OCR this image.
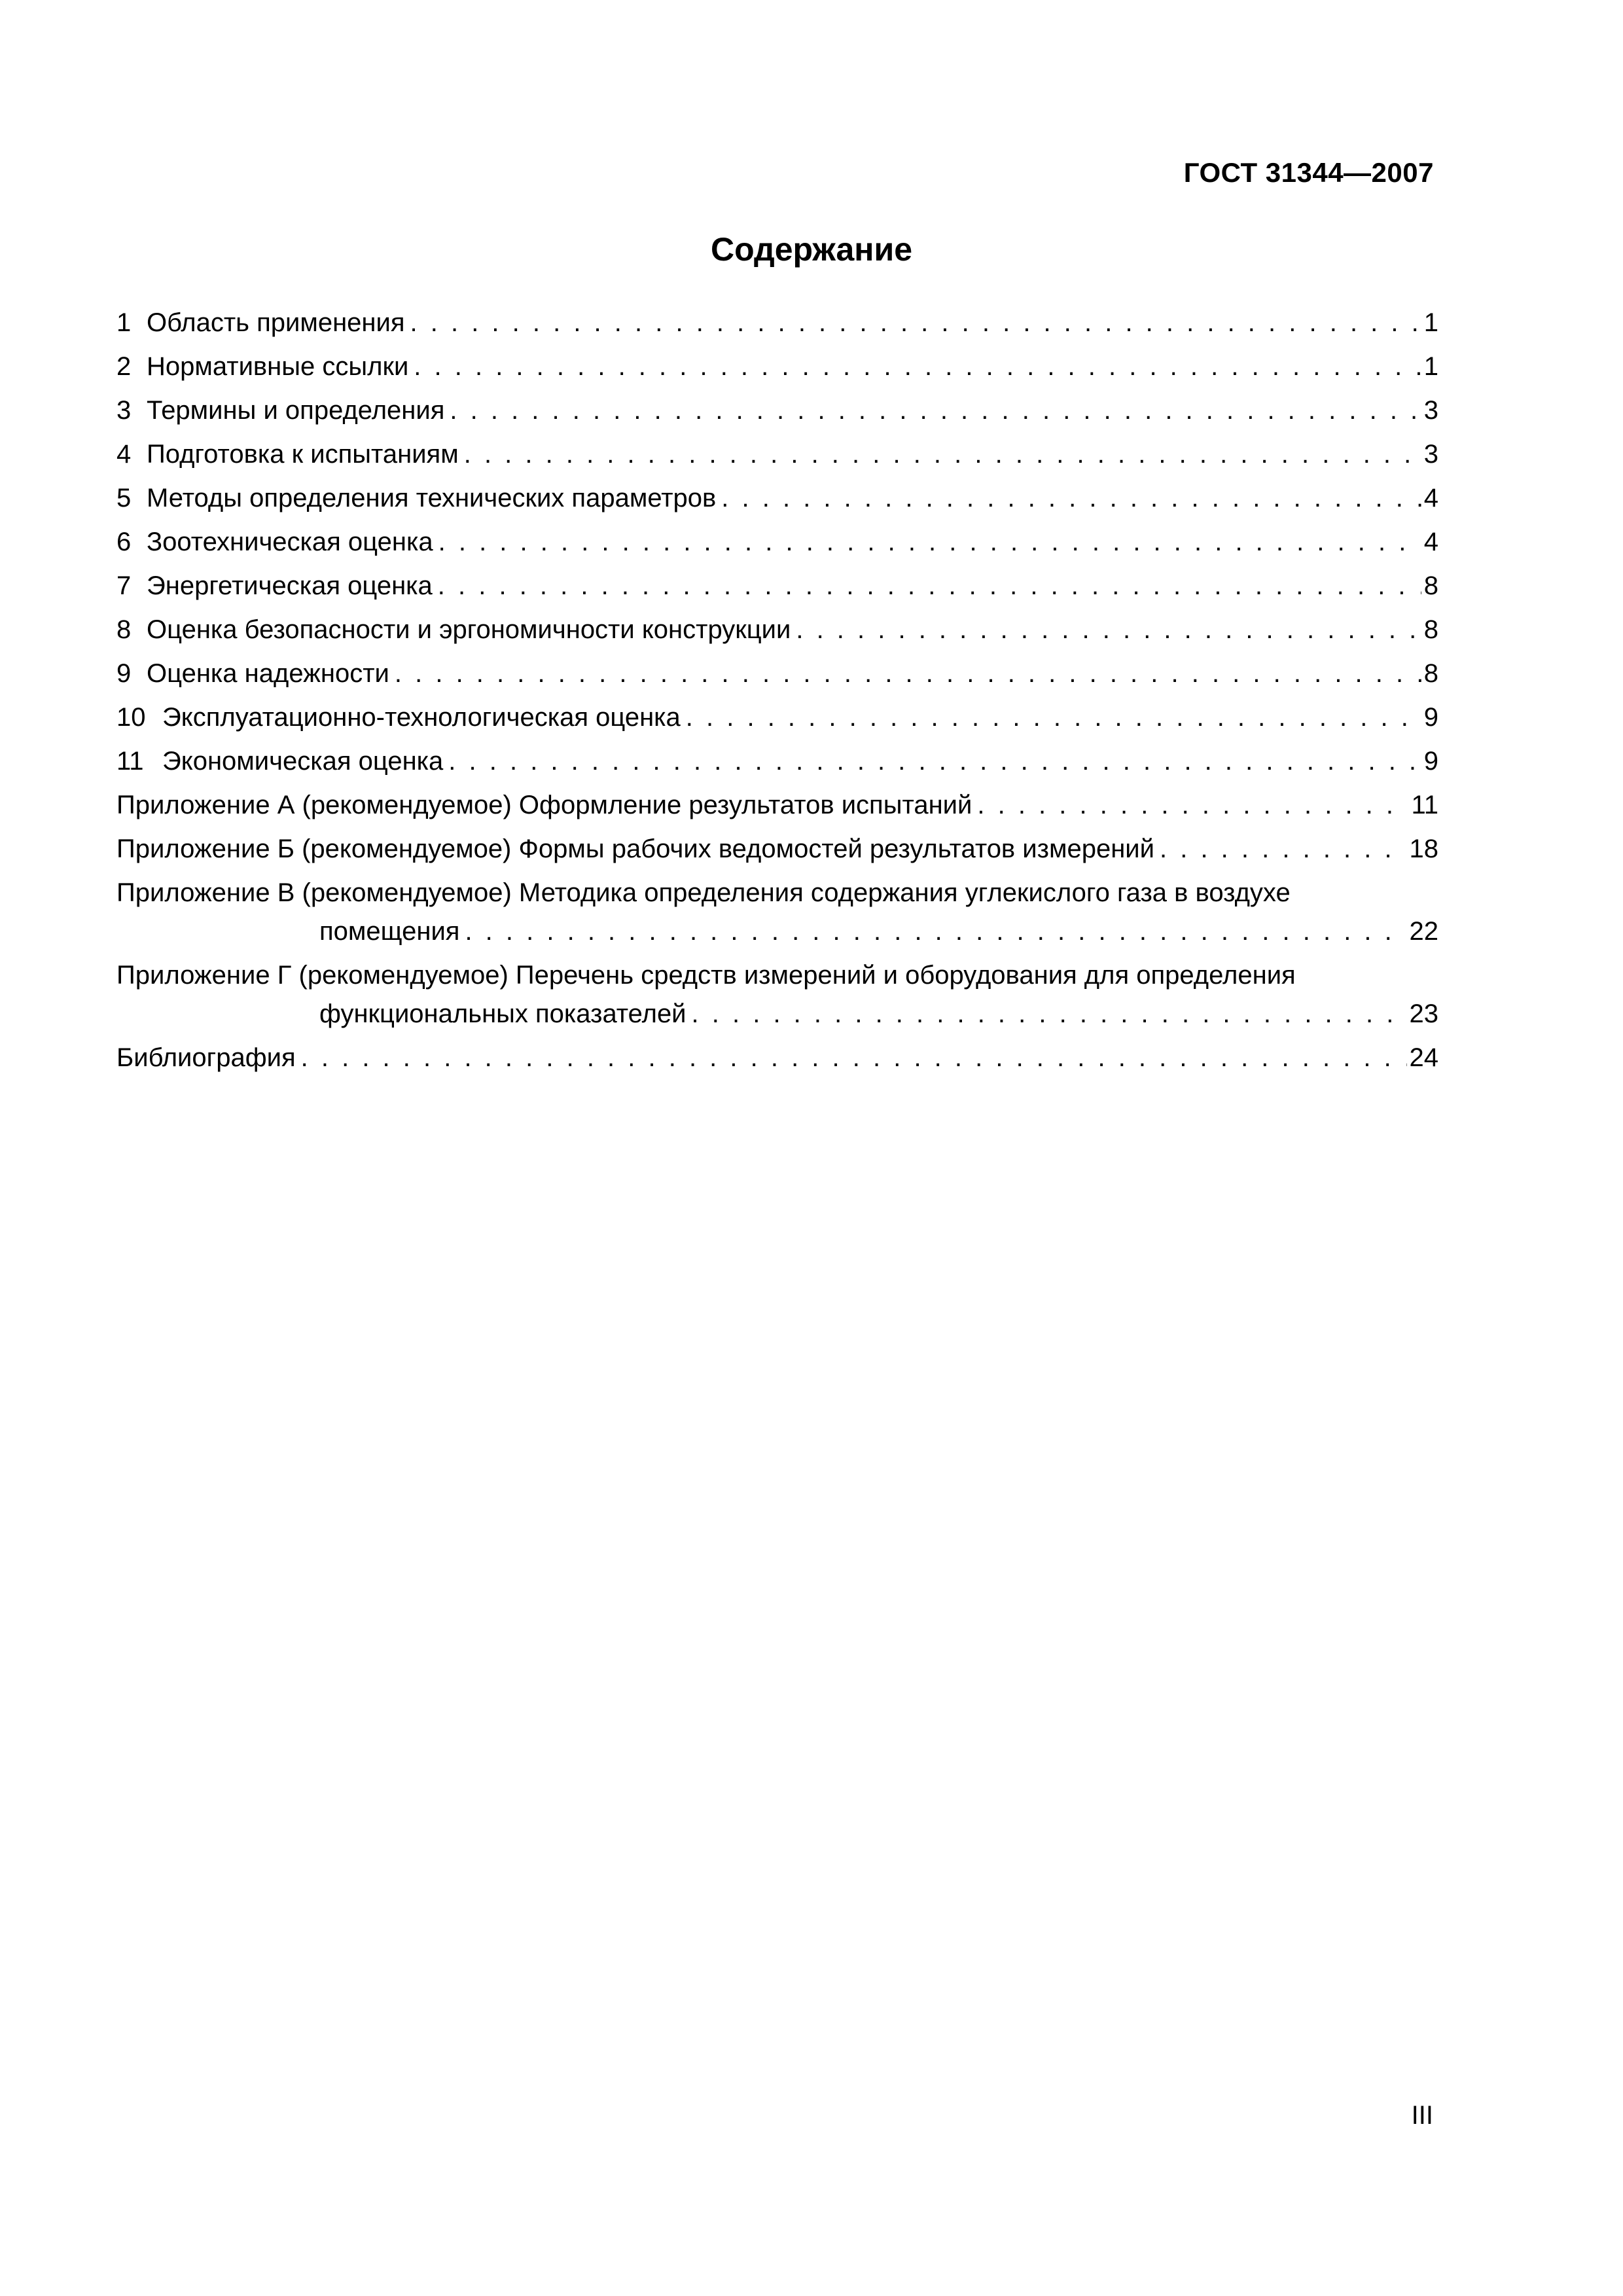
ГОСТ 31344—2007
Содержание
1 Область применения . . .	1
2 Нормативные ссылки . . .	1
3 Термины и определения . . .	3
4 Подготовка к испытаниям . . .	3
5 Методы определения технических параметров . . .	4
6 Зоотехническая оценка . . .	4
7 Энергетическая оценка . . .	8
8 Оценка безопасности и эргономичности конструкции . . .	8
9 Оценка надежности . . .	8
10 Эксплуатационно-технологическая оценка . . .	9
11 Экономическая оценка . . .	9
Приложение А (рекомендуемое) Оформление результатов испытаний . . .	11
Приложение Б (рекомендуемое) Формы рабочих ведомостей результатов измерений . . .	18
Приложение В (рекомендуемое) Методика определения содержания углекислого газа в воздухе
помещения . . .	22
Приложение Г (рекомендуемое) Перечень средств измерений и оборудования для определения
функциональных показателей . . .	23
Библиография . . .	24
III
